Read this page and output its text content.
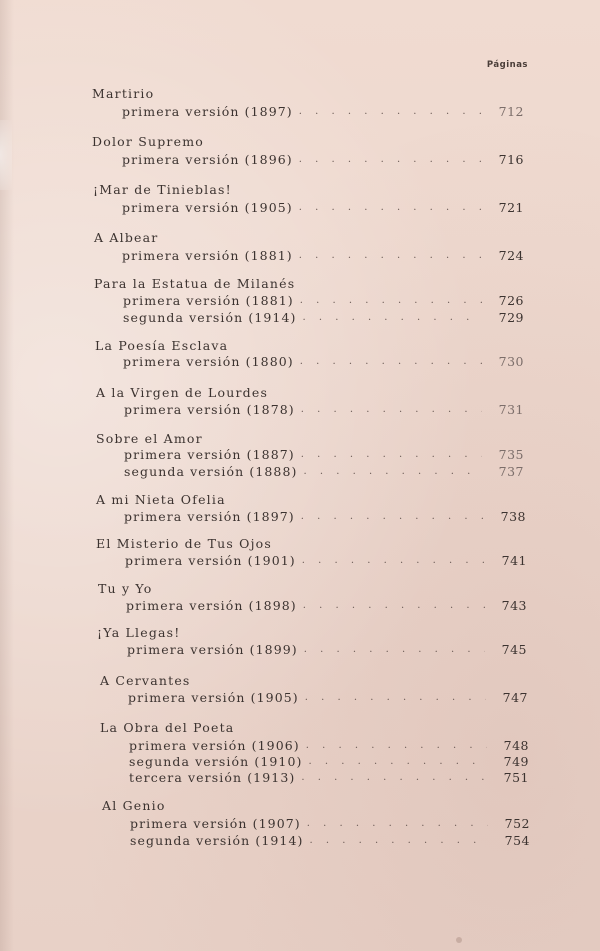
Páginas
Martirio
primera versión (1897) . . .	712
Dolor Supremo
primera versión (1896) . . .	716
¡Mar de Tinieblas!
primera versión (1905) . . .	721
A Albear
primera versión (1881) . . .	724
Para la Estatua de Milanés
primera versión (1881) . . .	726
segunda versión (1914) . . .	729
La Poesía Esclava
primera versión (1880) . . .	730
A la Virgen de Lourdes
primera versión (1878) . . .	731
Sobre el Amor
primera versión (1887) . . .	735
segunda versión (1888) . . .	737
A mi Nieta Ofelia
primera versión (1897) . . .	738
El Misterio de Tus Ojos
primera versión (1901) . . .	741
Tu y Yo
primera versión (1898) . . .	743
¡Ya Llegas!
primera versión (1899) . . .	745
A Cervantes
primera versión (1905) . . .	747
La Obra del Poeta
primera versión (1906) . . .	748
segunda versión (1910) . . .	749
tercera versión (1913) . . .	751
Al Genio
primera versión (1907) . . .	752
segunda versión (1914) . . .	754
